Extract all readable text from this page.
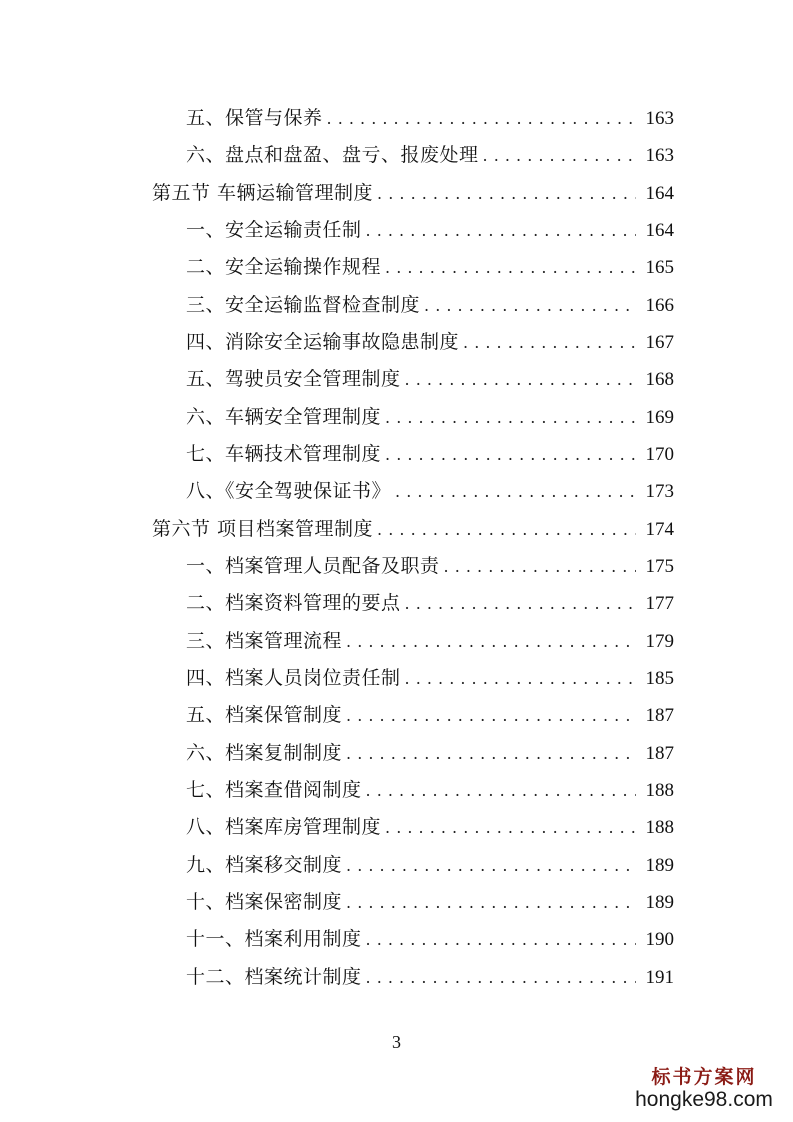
五、保管与保养 . . .	163
六、盘点和盘盈、盘亏、报废处理 . . .	163
第五节 车辆运输管理制度 . . .	164
一、安全运输责任制 . . .	164
二、安全运输操作规程 . . .	165
三、安全运输监督检查制度 . . .	166
四、消除安全运输事故隐患制度 . . .	167
五、驾驶员安全管理制度 . . .	168
六、车辆安全管理制度 . . .	169
七、车辆技术管理制度 . . .	170
八、《安全驾驶保证书》 . . .	173
第六节 项目档案管理制度 . . .	174
一、档案管理人员配备及职责 . . .	175
二、档案资料管理的要点 . . .	177
三、档案管理流程 . . .	179
四、档案人员岗位责任制 . . .	185
五、档案保管制度 . . .	187
六、档案复制制度 . . .	187
七、档案查借阅制度 . . .	188
八、档案库房管理制度 . . .	188
九、档案移交制度 . . .	189
十、档案保密制度 . . .	189
十一、档案利用制度 . . .	190
十二、档案统计制度 . . .	191
3
标书方案网
hongke98.com
